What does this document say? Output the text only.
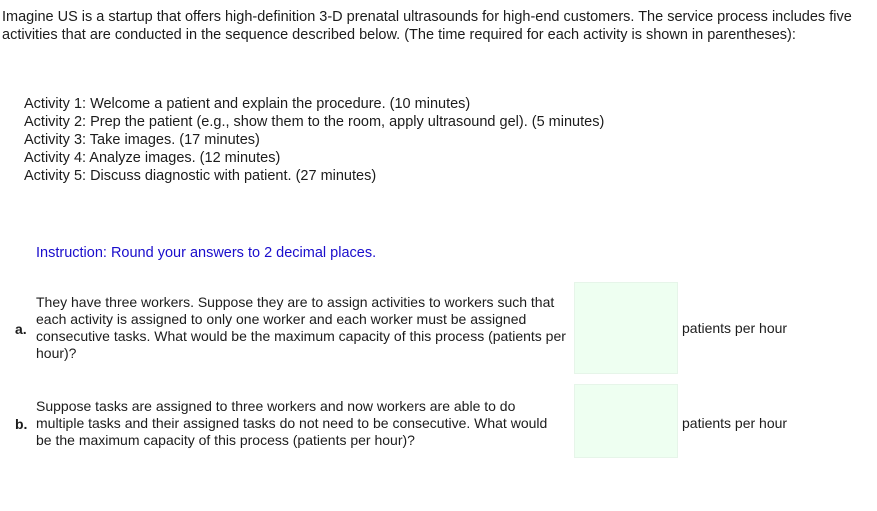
Imagine US is a startup that offers high-definition 3-D prenatal ultrasounds for high-end customers. The service process includes five activities that are conducted in the sequence described below. (The time required for each activity is shown in parentheses):

Activity 1: Welcome a patient and explain the procedure. (10 minutes)
Activity 2: Prep the patient (e.g., show them to the room, apply ultrasound gel). (5 minutes)
Activity 3: Take images. (17 minutes)
Activity 4: Analyze images. (12 minutes)
Activity 5: Discuss diagnostic with patient. (27 minutes)

Instruction: Round your answers to 2 decimal places.

a.

They have three workers. Suppose they are to assign activities to workers such that each activity is assigned to only one worker and each worker must be assigned consecutive tasks. What would be the maximum capacity of this process (patients per hour)?

patients per hour
b.

Suppose tasks are assigned to three workers and now workers are able to do multiple tasks and their assigned tasks do not need to be consecutive. What would be the maximum capacity of this process (patients per hour)?

patients per hour
